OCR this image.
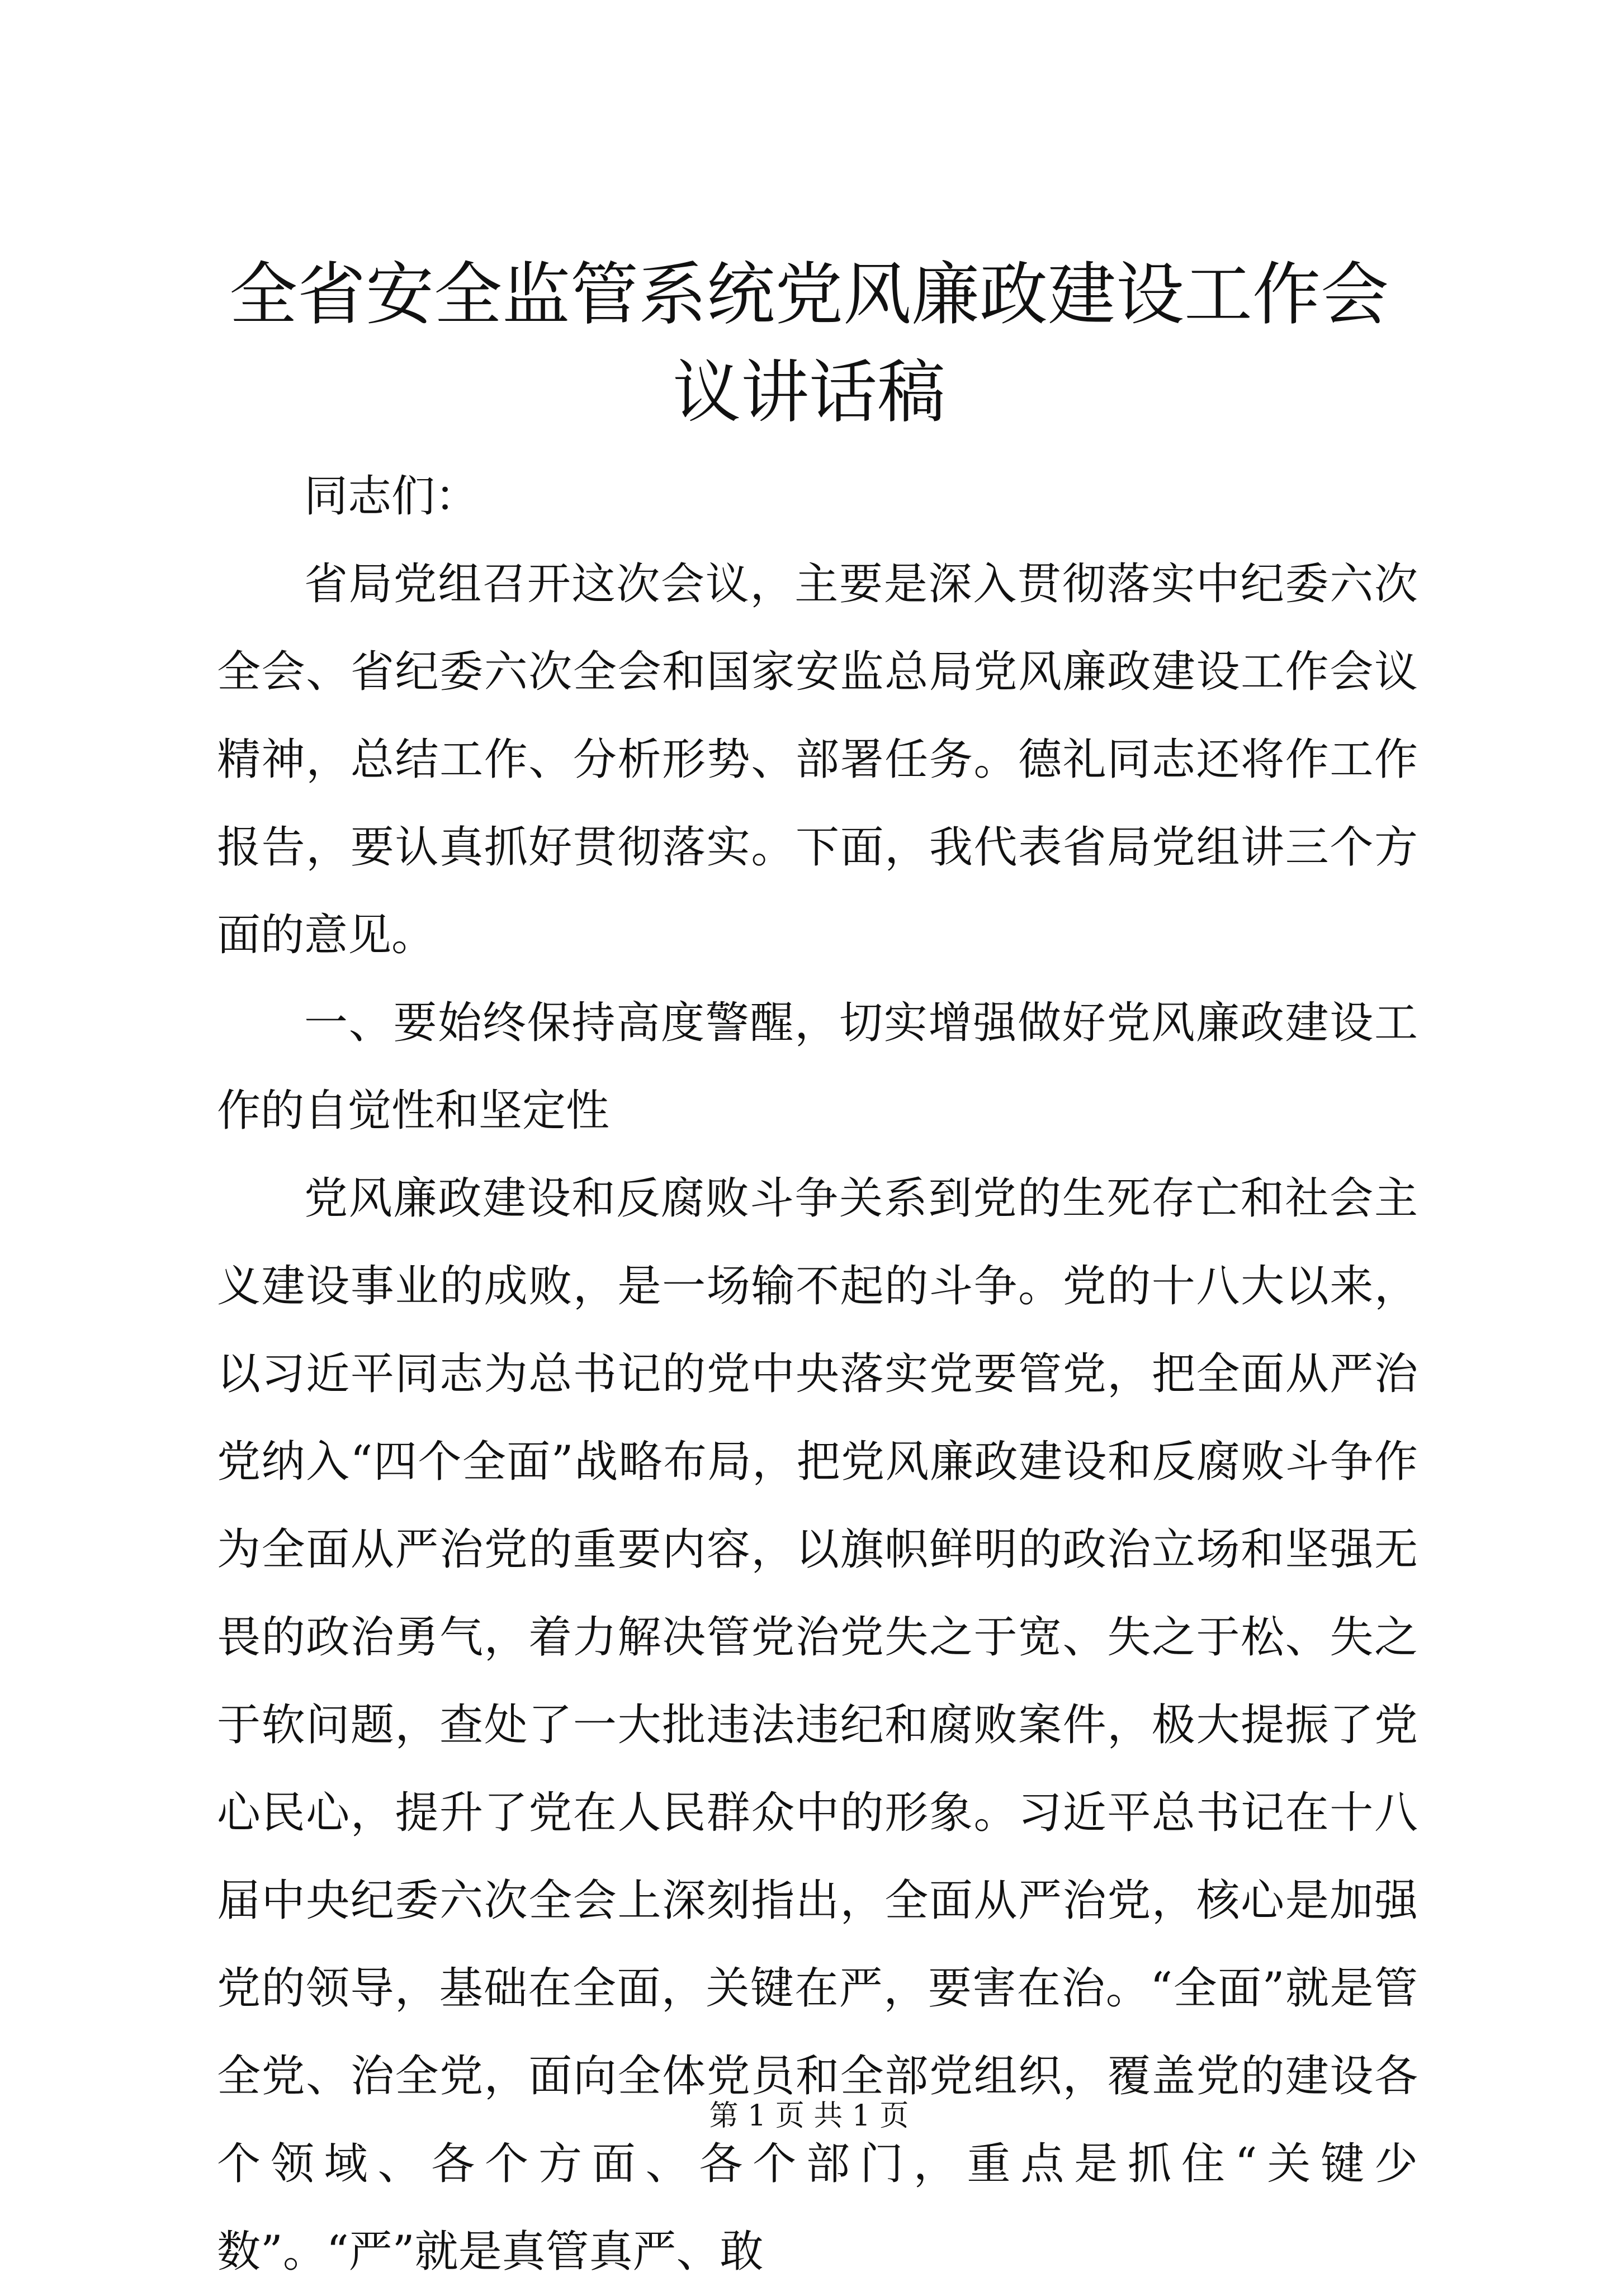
全省安全监管系统党风廉政建设工作会议讲话稿

同志们：

省局党组召开这次会议，主要是深入贯彻落实中纪委六次全会、省纪委六次全会和国家安监总局党风廉政建设工作会议精神，总结工作、分析形势、部署任务。德礼同志还将作工作报告，要认真抓好贯彻落实。下面，我代表省局党组讲三个方面的意见。

一、要始终保持高度警醒，切实增强做好党风廉政建设工作的自觉性和坚定性

党风廉政建设和反腐败斗争关系到党的生死存亡和社会主义建设事业的成败，是一场输不起的斗争。党的十八大以来，以习近平同志为总书记的党中央落实党要管党，把全面从严治党纳入“四个全面”战略布局，把党风廉政建设和反腐败斗争作为全面从严治党的重要内容，以旗帜鲜明的政治立场和坚强无畏的政治勇气，着力解决管党治党失之于宽、失之于松、失之于软问题，查处了一大批违法违纪和腐败案件，极大提振了党心民心，提升了党在人民群众中的形象。习近平总书记在十八届中央纪委六次全会上深刻指出，全面从严治党，核心是加强党的领导，基础在全面，关键在严，要害在治。“全面”就是管全党、治全党，面向全体党员和全部党组织，覆盖党的建设各个领域、各个方面、各个部门，重点是抓住“关键少数”。“严”就是真管真严、敢

第 1 页 共 1 页
